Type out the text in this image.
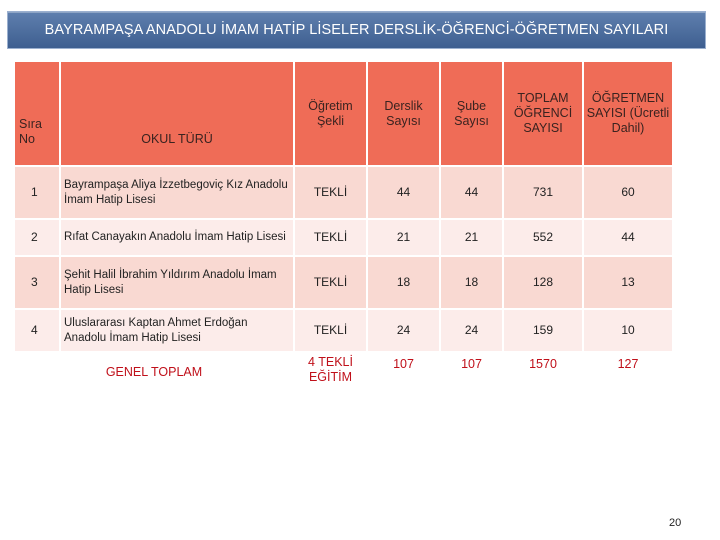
BAYRAMPAŞA ANADOLU İMAM HATİP LİSELER DERSLİK-ÖĞRENCİ-ÖĞRETMEN SAYILARI
Sıra No	OKUL TÜRÜ	Öğretim Şekli	Derslik Sayısı	Şube Sayısı	TOPLAM ÖĞRENCİ SAYISI	ÖĞRETMEN SAYISI (Ücretli Dahil)
1	Bayrampaşa Aliya İzzetbegoviç Kız Anadolu İmam Hatip Lisesi	TEKLİ	44	44	731	60
2	Rıfat Canayakın Anadolu İmam Hatip Lisesi	TEKLİ	21	21	552	44
3	Şehit Halil İbrahim Yıldırım Anadolu İmam Hatip Lisesi	TEKLİ	18	18	128	13
4	Uluslararası Kaptan Ahmet Erdoğan Anadolu İmam Hatip Lisesi	TEKLİ	24	24	159	10
GENEL TOPLAM		4 TEKLİ EĞİTİM	107	107	1570	127
20
